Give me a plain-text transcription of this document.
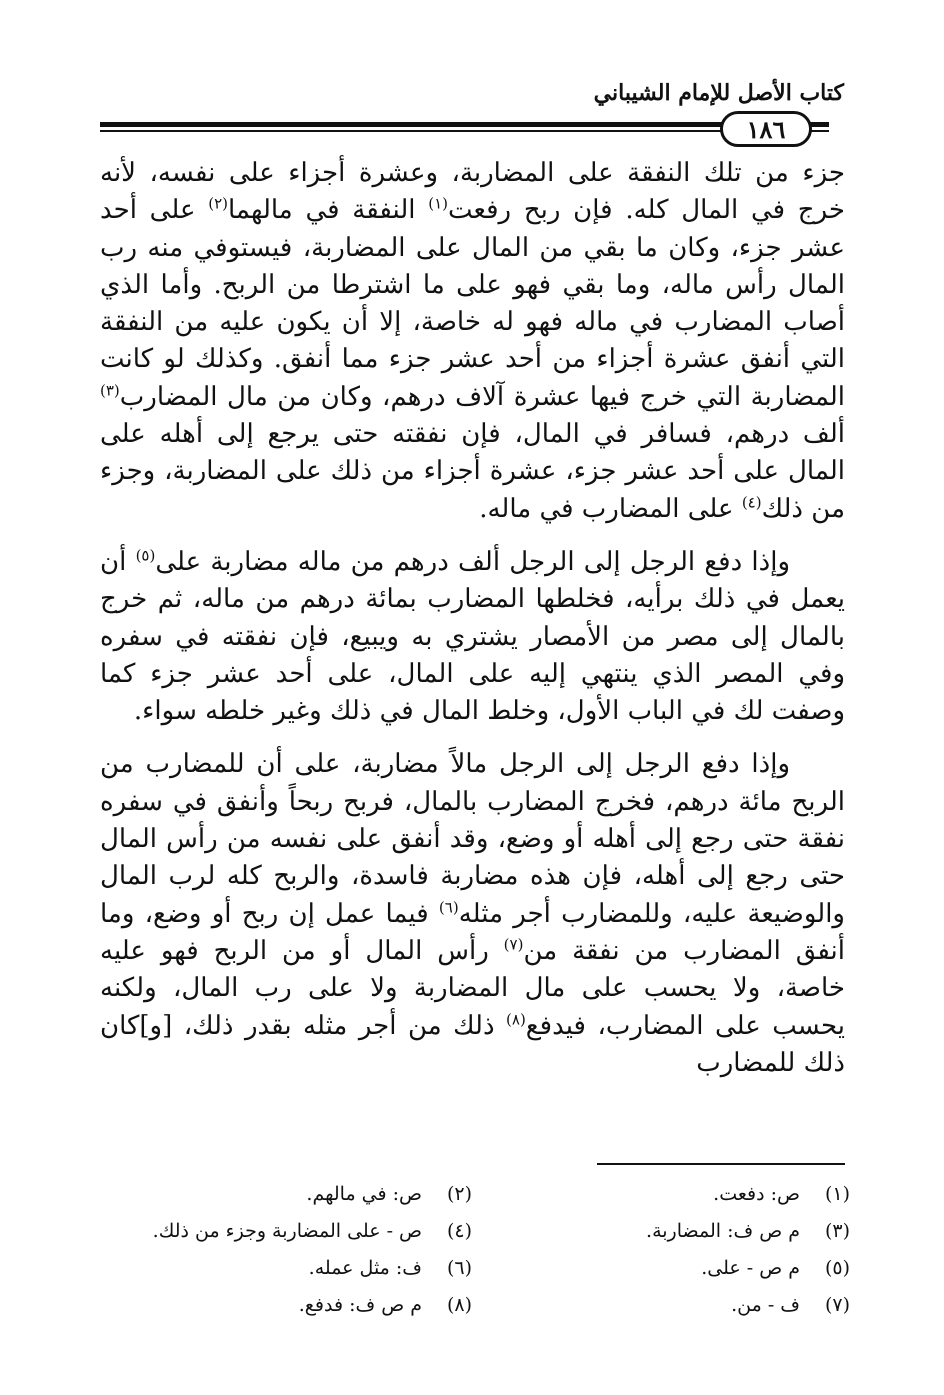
كتاب الأصل للإمام الشيباني
١٨٦

جزء من تلك النفقة على المضاربة، وعشرة أجزاء على نفسه، لأنه خرج في المال كله. فإن ربح رفعت$^{(١)}$ النفقة في مالهما$^{(٢)}$ على أحد عشر جزء، وكان ما بقي من المال على المضاربة، فيستوفي منه رب المال رأس ماله، وما بقي فهو على ما اشترطا من الربح. وأما الذي أصاب المضارب في ماله فهو له خاصة، إلا أن يكون عليه من النفقة التي أنفق عشرة أجزاء من أحد عشر جزء مما أنفق. وكذلك لو كانت المضاربة التي خرج فيها عشرة آلاف درهم، وكان من مال المضارب$^{(٣)}$ ألف درهم، فسافر في المال، فإن نفقته حتى يرجع إلى أهله على المال على أحد عشر جزء، عشرة أجزاء من ذلك على المضاربة، وجزء من ذلك$^{(٤)}$ على المضارب في ماله.

وإذا دفع الرجل إلى الرجل ألف درهم من ماله مضاربة على$^{(٥)}$ أن يعمل في ذلك برأيه، فخلطها المضارب بمائة درهم من ماله، ثم خرج بالمال إلى مصر من الأمصار يشتري به ويبيع، فإن نفقته في سفره وفي المصر الذي ينتهي إليه على المال، على أحد عشر جزء كما وصفت لك في الباب الأول، وخلط المال في ذلك وغير خلطه سواء.

وإذا دفع الرجل إلى الرجل مالاً مضاربة، على أن للمضارب من الربح مائة درهم، فخرج المضارب بالمال، فربح ربحاً وأنفق في سفره نفقة حتى رجع إلى أهله أو وضع، وقد أنفق على نفسه من رأس المال حتى رجع إلى أهله، فإن هذه مضاربة فاسدة، والربح كله لرب المال والوضيعة عليه، وللمضارب أجر مثله$^{(٦)}$ فيما عمل إن ربح أو وضع، وما أنفق المضارب من نفقة من$^{(٧)}$ رأس المال أو من الربح فهو عليه خاصة، ولا يحسب على مال المضاربة ولا على رب المال، ولكنه يحسب على المضارب، فيدفع$^{(٨)}$ ذلك من أجر مثله بقدر ذلك، [و]كان ذلك للمضارب

(١)
ص: دفعت.
(٣)
م ص ف: المضاربة.
(٥)
م ص - على.
(٧)
ف - من.
(٢)
ص: في مالهم.
(٤)
ص - على المضاربة وجزء من ذلك.
(٦)
ف: مثل عمله.
(٨)
م ص ف: فدفع.
